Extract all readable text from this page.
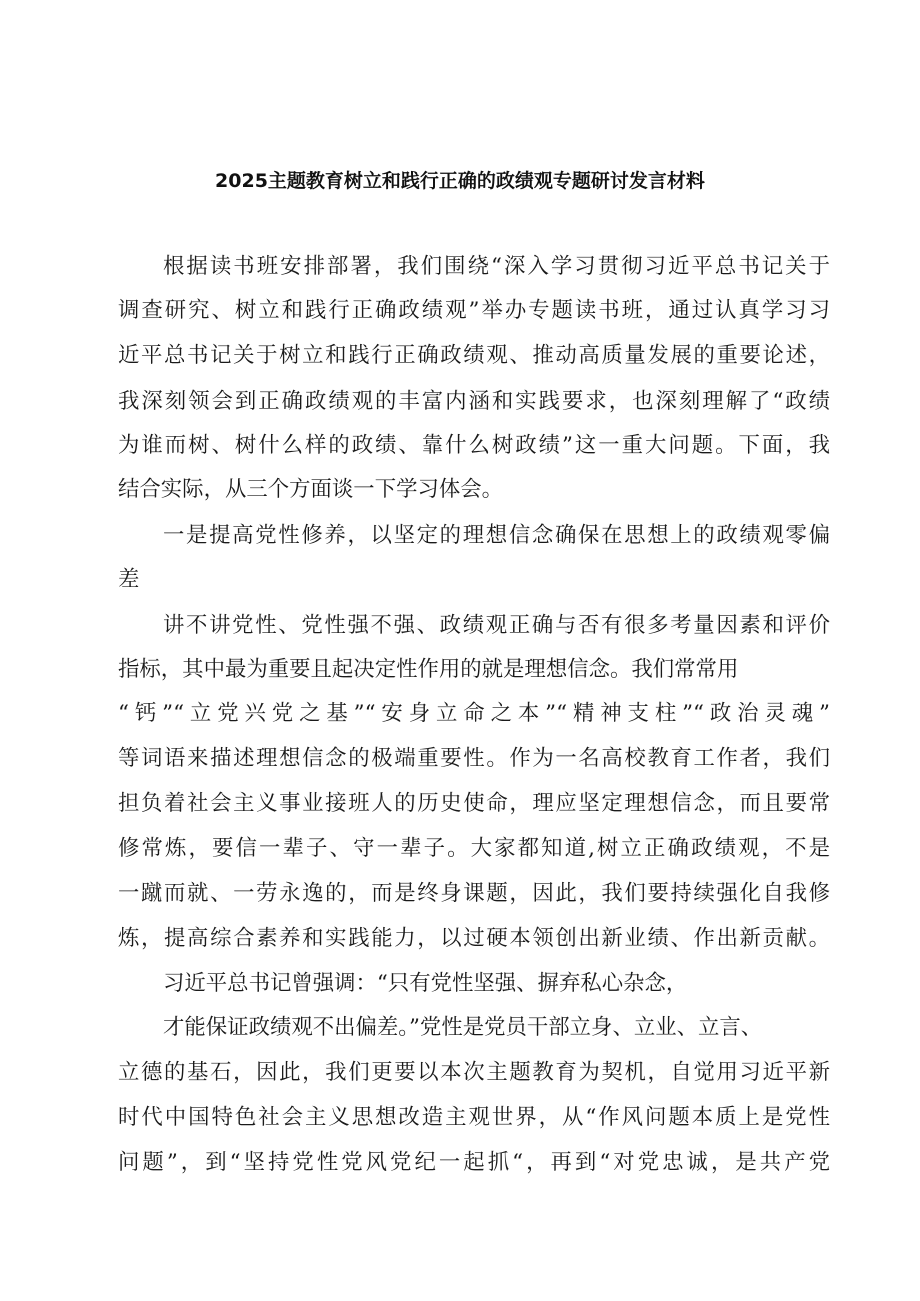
2025主题教育树立和践行正确的政绩观专题研讨发言材料
根据读书班安排部署，我们围绕“深入学习贯彻习近平总书记关于
调查研究、树立和践行正确政绩观”举办专题读书班，通过认真学习习
近平总书记关于树立和践行正确政绩观、推动高质量发展的重要论述，
我深刻领会到正确政绩观的丰富内涵和实践要求，也深刻理解了“政绩
为谁而树、树什么样的政绩、靠什么树政绩”这一重大问题。下面，我
结合实际，从三个方面谈一下学习体会。
一是提高党性修养，以坚定的理想信念确保在思想上的政绩观零偏
差
讲不讲党性、党性强不强、政绩观正确与否有很多考量因素和评价
指标，其中最为重要且起决定性作用的就是理想信念。我们常常用
“钙”“立党兴党之基”“安身立命之本”“精神支柱”“政治灵魂”
等词语来描述理想信念的极端重要性。作为一名高校教育工作者，我们
担负着社会主义事业接班人的历史使命，理应坚定理想信念，而且要常
修常炼，要信一辈子、守一辈子。大家都知道,树立正确政绩观，不是
一蹴而就、一劳永逸的，而是终身课题，因此，我们要持续强化自我修
炼，提高综合素养和实践能力，以过硬本领创出新业绩、作出新贡献。
习近平总书记曾强调：“只有党性坚强、摒弃私心杂念，
才能保证政绩观不出偏差。”党性是党员干部立身、立业、立言、
立德的基石，因此，我们更要以本次主题教育为契机，自觉用习近平新
时代中国特色社会主义思想改造主观世界，从“作风问题本质上是党性
问题”，到“坚持党性党风党纪一起抓“，再到“对党忠诚，是共产党
